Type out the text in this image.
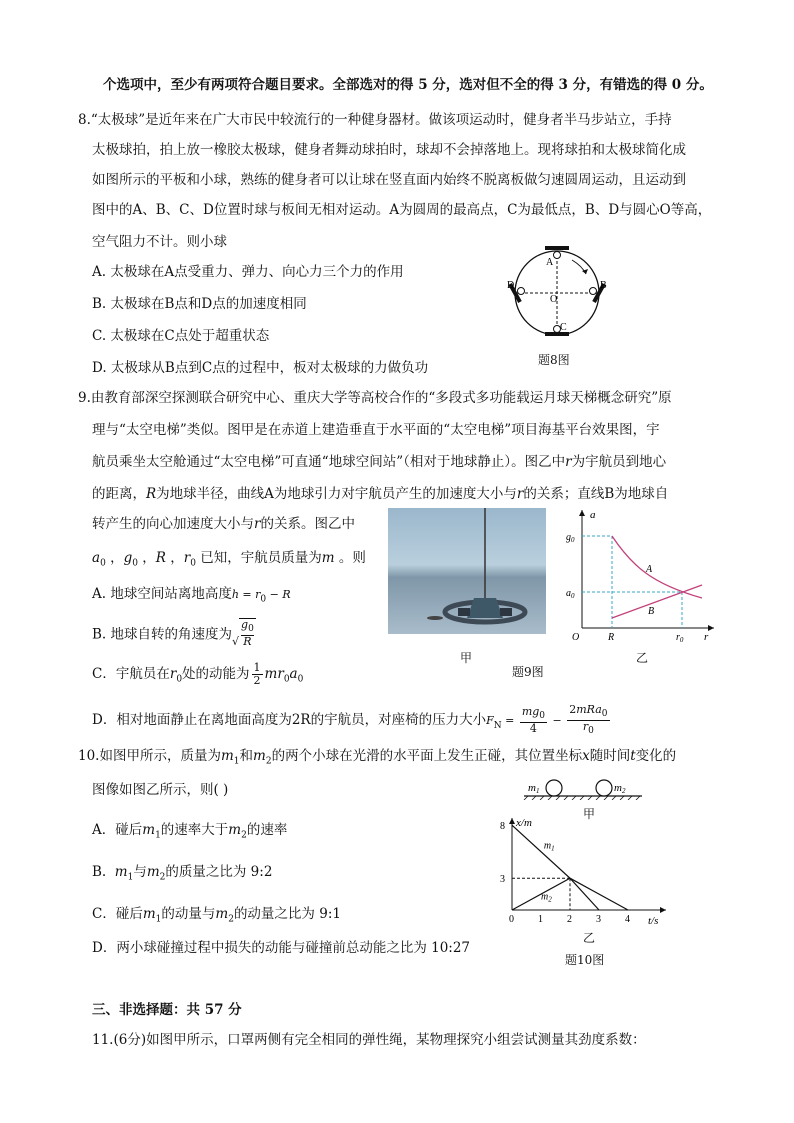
个选项中，至少有两项符合题目要求。全部选对的得 5 分，选对但不全的得 3 分，有错选的得 0 分。
8.“太极球”是近年来在广大市民中较流行的一种健身器材。做该项运动时，健身者半马步站立，手持
太极球拍，拍上放一橡胶太极球，健身者舞动球拍时，球却不会掉落地上。现将球拍和太极球简化成
如图所示的平板和小球，熟练的健身者可以让球在竖直面内始终不脱离板做匀速圆周运动，且运动到
图中的A、B、C、D位置时球与板间无相对运动。A为圆周的最高点，C为最低点，B、D与圆心O等高，
空气阻力不计。则小球
A. 太极球在A点受重力、弹力、向心力三个力的作用
B. 太极球在B点和D点的加速度相同
C. 太极球在C点处于超重状态
D. 太极球从B点到C点的过程中，板对太极球的力做负功
A
B
C
D
O
题8图
9.由教育部深空探测联合研究中心、重庆大学等高校合作的“多段式多功能载运月球天梯概念研究”原
理与“太空电梯”类似。图甲是在赤道上建造垂直于水平面的“太空电梯”项目海基平台效果图，宇
航员乘坐太空舱通过“太空电梯”可直通“地球空间站”（相对于地球静止）。图乙中r为宇航员到地心
的距离，R为地球半径，曲线A为地球引力对宇航员产生的加速度大小与r的关系；直线B为地球自
转产生的向心加速度大小与r的关系。图乙中
$a_0$ ，$g_0$ ，R ，$r_0$ 已知，宇航员质量为m 。则
A. 地球空间站离地高度$h = r_0 - R$
B. 地球自转的角速度为√ $\frac{g_0}{R}$
C．宇航员在$r_0$处的动能为 $\frac{1}{2} mr_0a_0$
D．相对地面静止在离地面高度为2R的宇航员，对座椅的压力大小$F_N = \frac{mg_0}{4} - \frac{2mRa_0}{r_0}$
甲
a
r
O
$g_0$
$a_0$
R	$r_0$
A
B
乙
题9图
10.如图甲所示，质量为$m_1$和$m_2$的两个小球在光滑的水平面上发生正碰，其位置坐标x随时间t变化的
图像如图乙所示，则( )
A．碰后$m_1$的速率大于$m_2$的速率
B.  $m_1$与$m_2$的质量之比为 9:2
C．碰后$m_1$的动量与$m_2$的动量之比为 9:1
D．两小球碰撞过程中损失的动能与碰撞前总动能之比为 10:27
m1	m2
甲
x/m
t/s
0 1 2 3 4
3
8
$m_1$
$m_2$
乙
题10图
三、非选择题：共 57 分
11.(6分)如图甲所示，口罩两侧有完全相同的弹性绳，某物理探究小组尝试测量其劲度系数：
